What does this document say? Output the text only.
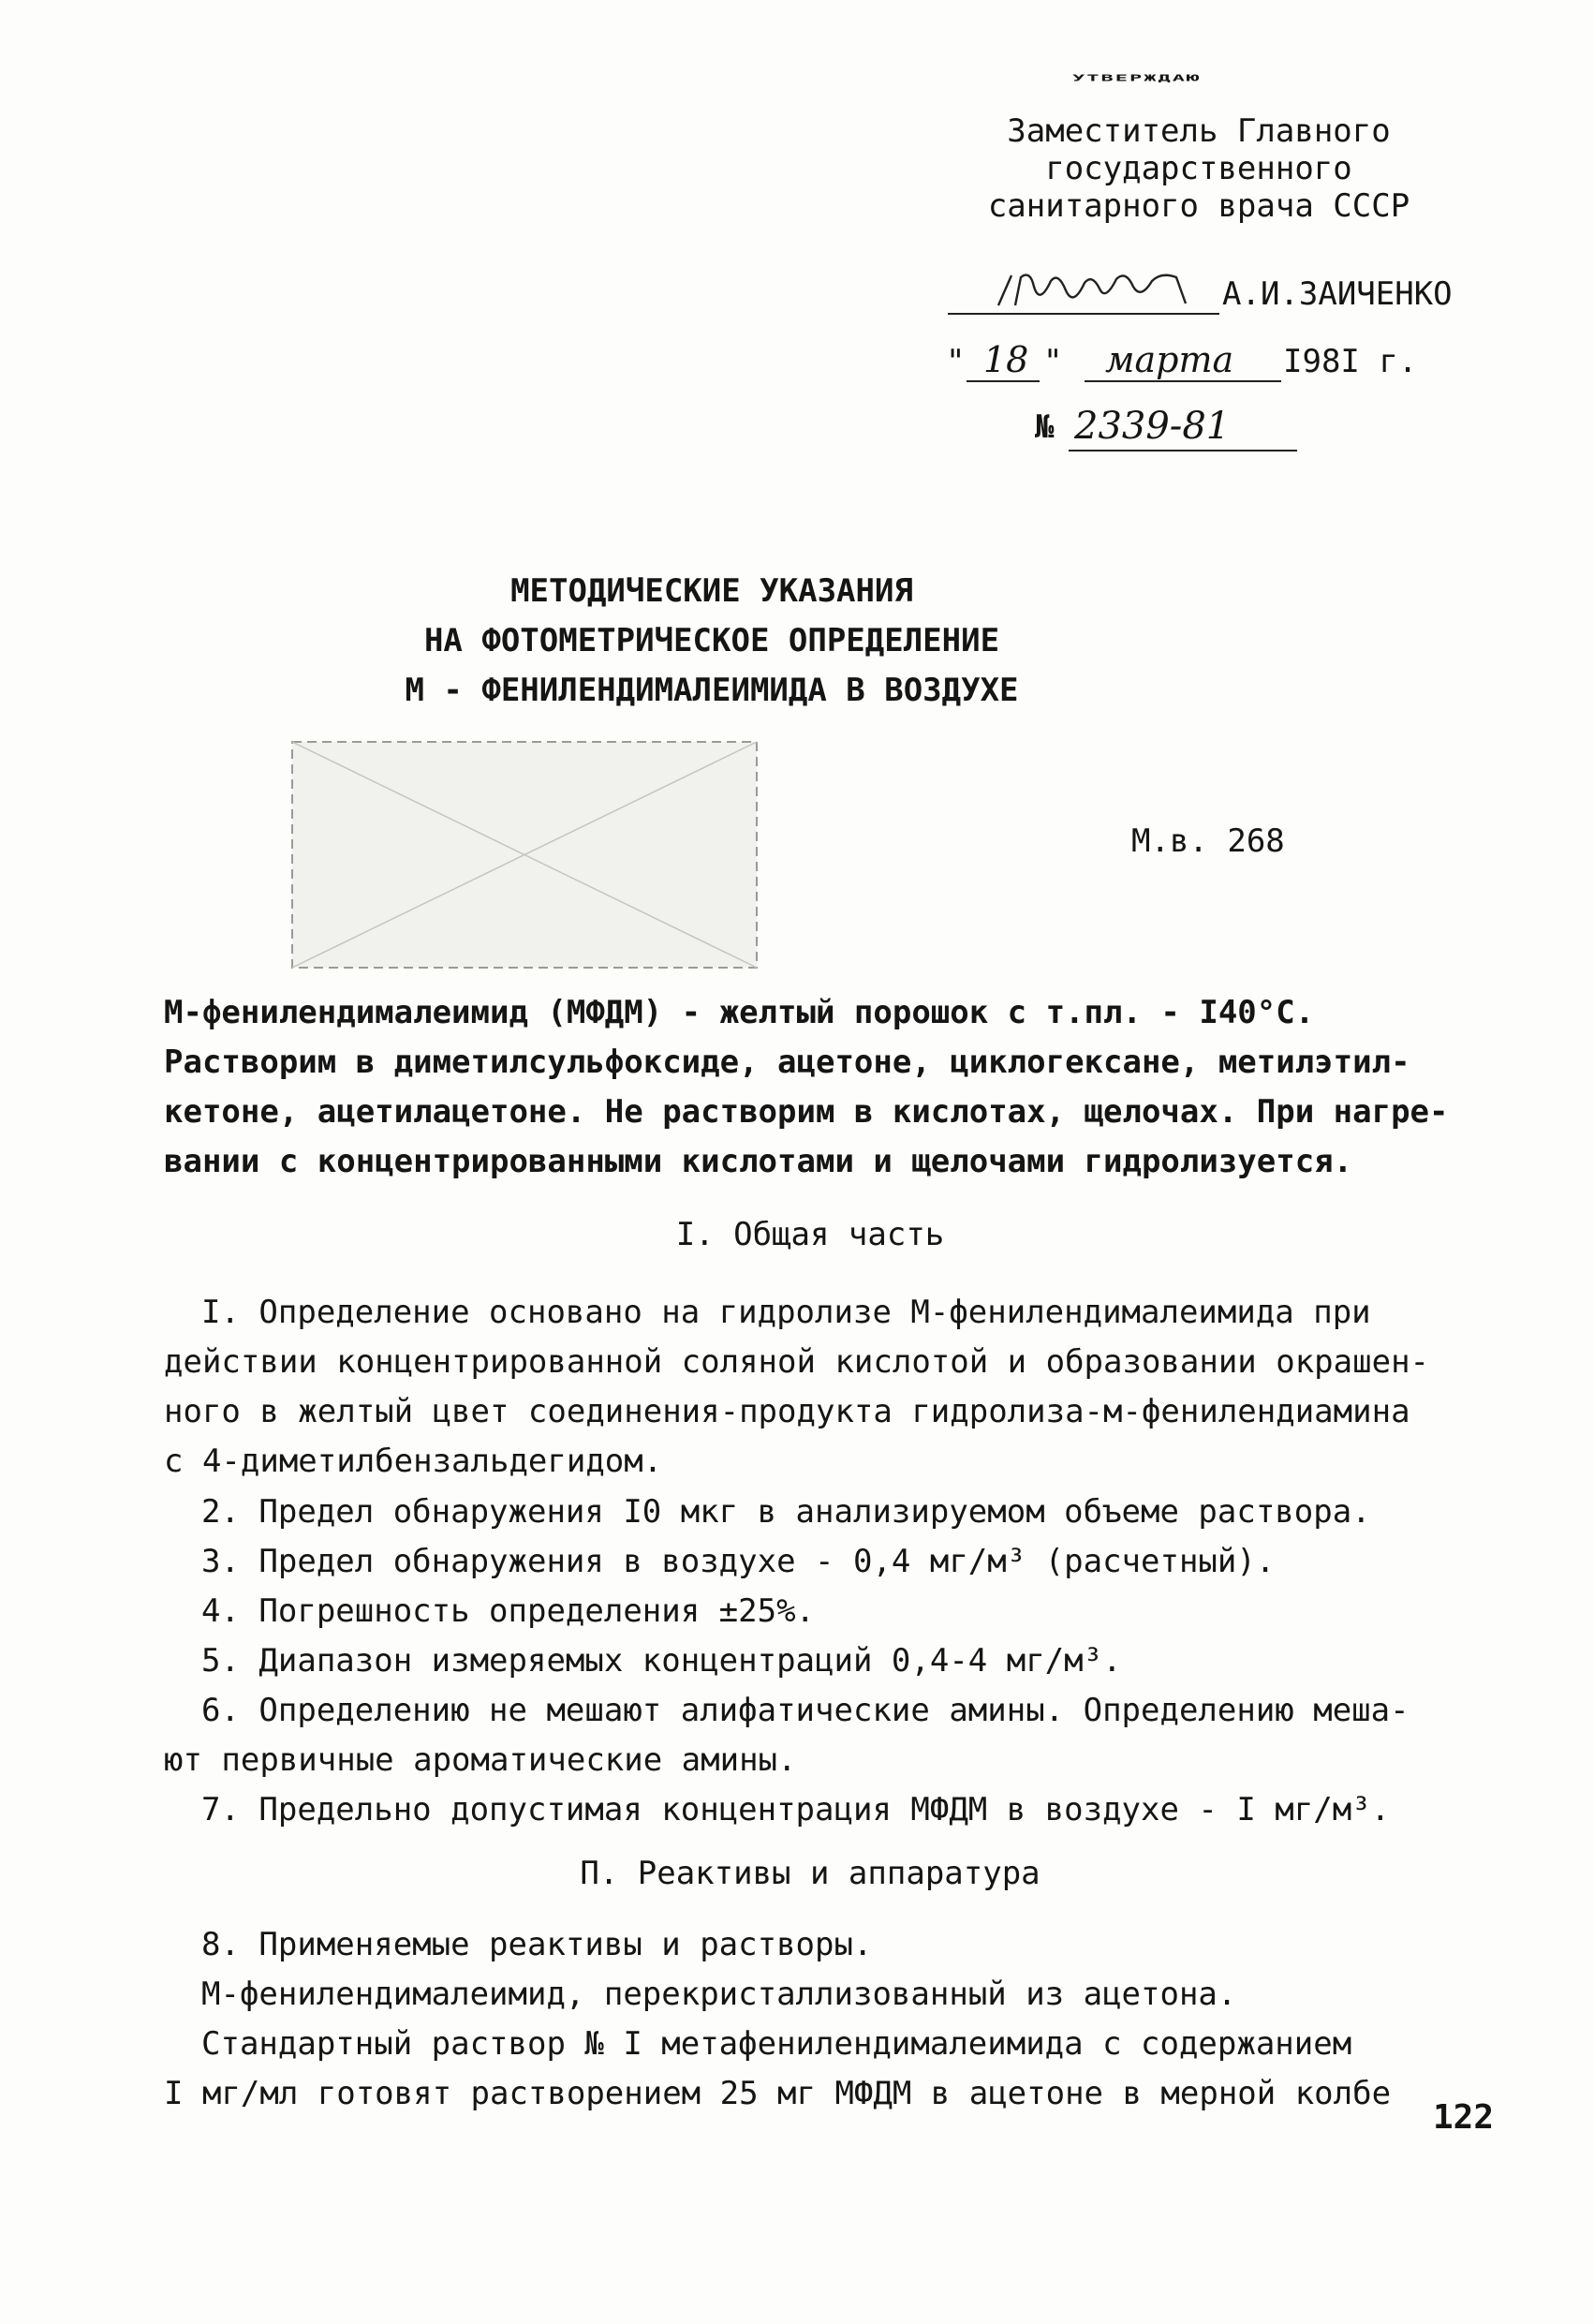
УТВЕРЖДАЮ
Заместитель Главного
государственного
санитарного врача СССР
А.И.ЗАИЧЕНКО
" 18 " марта I98I г.
№ 2339-81
МЕТОДИЧЕСКИЕ УКАЗАНИЯ
НА ФОТОМЕТРИЧЕСКОЕ ОПРЕДЕЛЕНИЕ
М - ФЕНИЛЕНДИМАЛЕИМИДА В ВОЗДУХЕ
М.в. 268
М-фенилендималеимид (МФДМ) - желтый порошок с т.пл. - I40°С.
Растворим в диметилсульфоксиде, ацетоне, циклогексане, метилэтил-
кетоне, ацетилацетоне. Не растворим в кислотах, щелочах. При нагре-
вании с концентрированными кислотами и щелочами гидролизуется.
I. Общая часть
I. Определение основано на гидролизе М-фенилендималеимида при
действии концентрированной соляной кислотой и образовании окрашен-
ного в желтый цвет соединения-продукта гидролиза-м-фенилендиамина
с 4-диметилбензальдегидом.
2. Предел обнаружения I0 мкг в анализируемом объеме раствора.
3. Предел обнаружения в воздухе - 0,4 мг/м³ (расчетный).
4. Погрешность определения ±25%.
5. Диапазон измеряемых концентраций 0,4-4 мг/м³.
6. Определению не мешают алифатические амины. Определению меша-
ют первичные ароматические амины.
7. Предельно допустимая концентрация МФДМ в воздухе - I мг/м³.
П. Реактивы и аппаратура
8. Применяемые реактивы и растворы.
М-фенилендималеимид, перекристаллизованный из ацетона.
Стандартный раствор № I метафенилендималеимида с содержанием
I мг/мл готовят растворением 25 мг МФДМ в ацетоне в мерной колбе
122
